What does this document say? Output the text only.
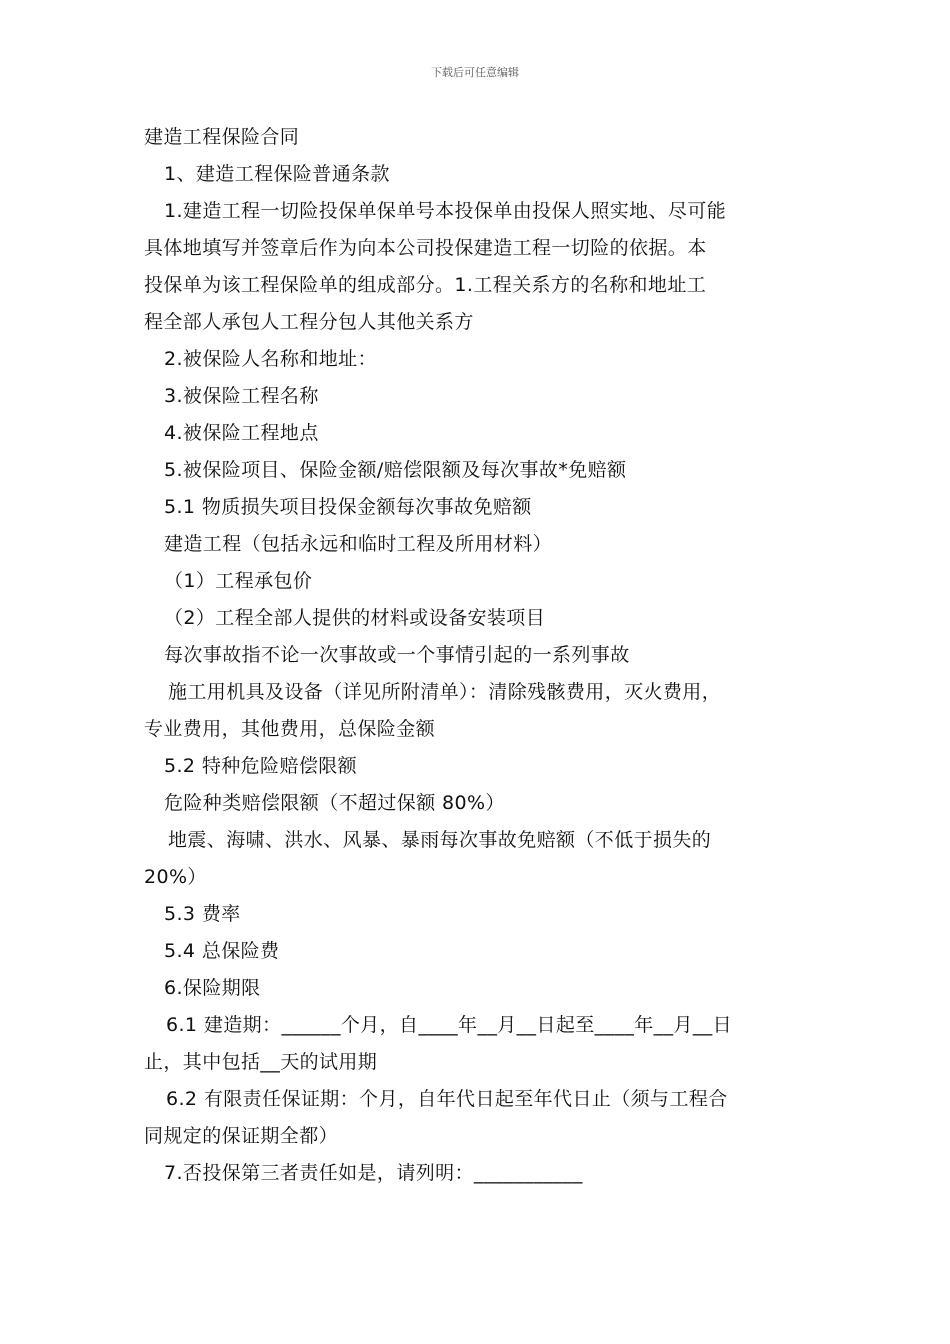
下载后可任意编辑
建造工程保险合同
1、建造工程保险普通条款
1.建造工程一切险投保单保单号本投保单由投保人照实地、尽可能
具体地填写并签章后作为向本公司投保建造工程一切险的依据。本
投保单为该工程保险单的组成部分。1.工程关系方的名称和地址工
程全部人承包人工程分包人其他关系方
2.被保险人名称和地址：
3.被保险工程名称
4.被保险工程地点
5.被保险项目、保险金额/赔偿限额及每次事故*免赔额
5.1 物质损失项目投保金额每次事故免赔额
建造工程（包括永远和临时工程及所用材料）
（1）工程承包价
（2）工程全部人提供的材料或设备安装项目
每次事故指不论一次事故或一个事情引起的一系列事故
施工用机具及设备（详见所附清单）：清除残骸费用，灭火费用，
专业费用，其他费用，总保险金额
5.2 特种危险赔偿限额
危险种类赔偿限额（不超过保额 80%）
地震、海啸、洪水、风暴、暴雨每次事故免赔额（不低于损失的
20%）
5.3 费率
5.4 总保险费
6.保险期限
6.1 建造期：______个月，自____年__月__日起至____年__月__日
止，其中包括__天的试用期
6.2 有限责任保证期：个月，自年代日起至年代日止（须与工程合
同规定的保证期全都）
7.否投保第三者责任如是，请列明：___________
